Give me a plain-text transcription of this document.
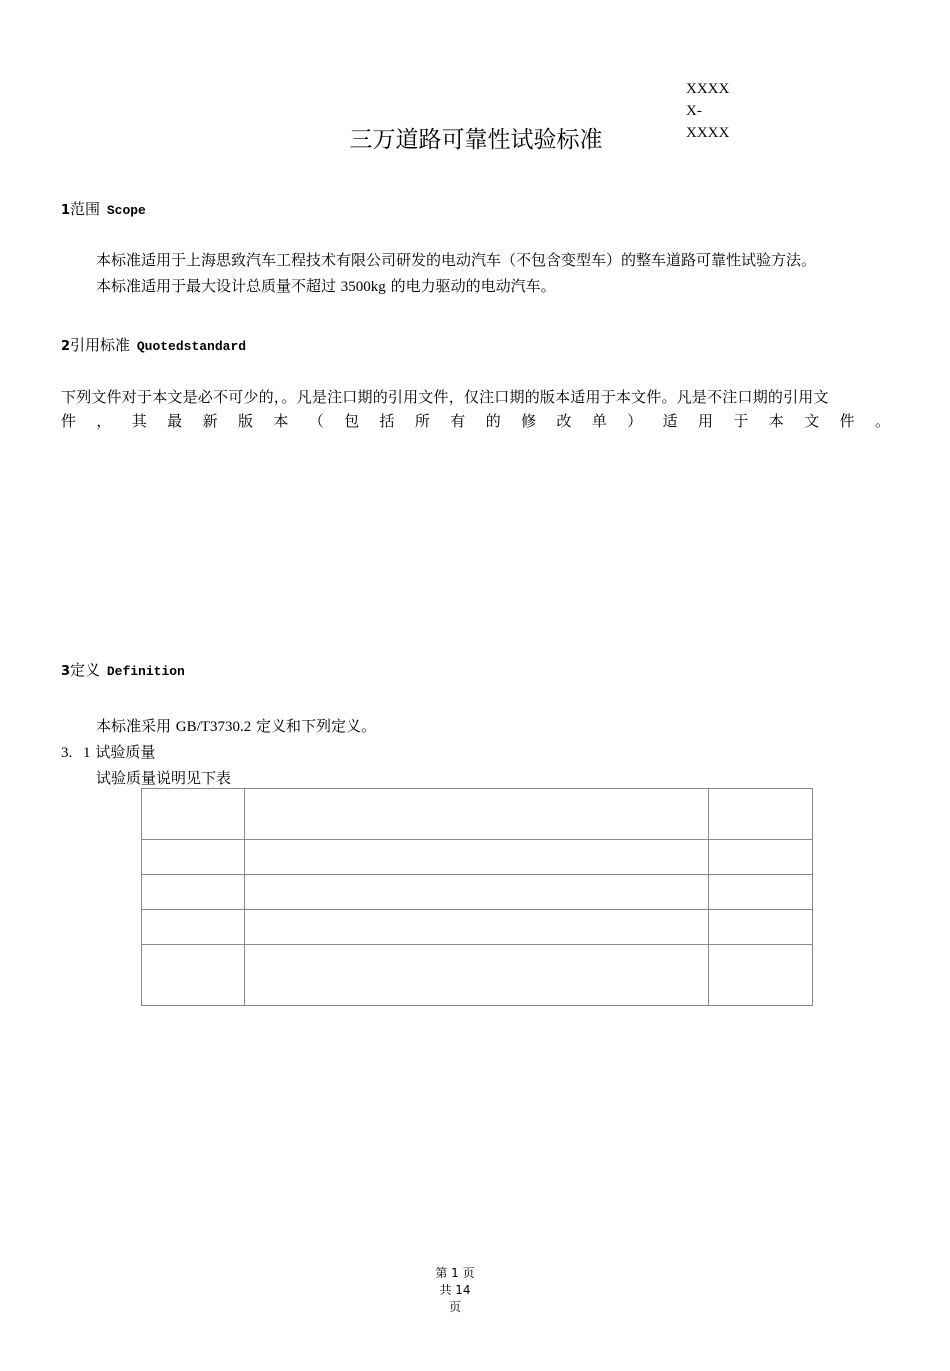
XXXX
X-
XXXX
三万道路可靠性试验标准
1范围 Scope
本标准适用于上海思致汽车工程技术有限公司研发的电动汽车（不包含变型车）的整车道路可靠性试验方法。
本标准适用于最大设计总质量不超过 3500kg 的电力驱动的电动汽车。
2引用标准 Quotedstandard
下列文件对于本文是必不可少的，。凡是注口期的引用文件，仅注口期的版本适用于本文件。凡是不注口期的引用文
件 ， 其 最 新 版 本 （ 包 括 所 有 的 修 改 单 ） 适 用 于 本 文 件 。
3定义 Definition
本标准采用 GB/T3730.2 定义和下列定义。
3. 1 试验质量
试验质量说明见下表

第 1 页
共 14
页
